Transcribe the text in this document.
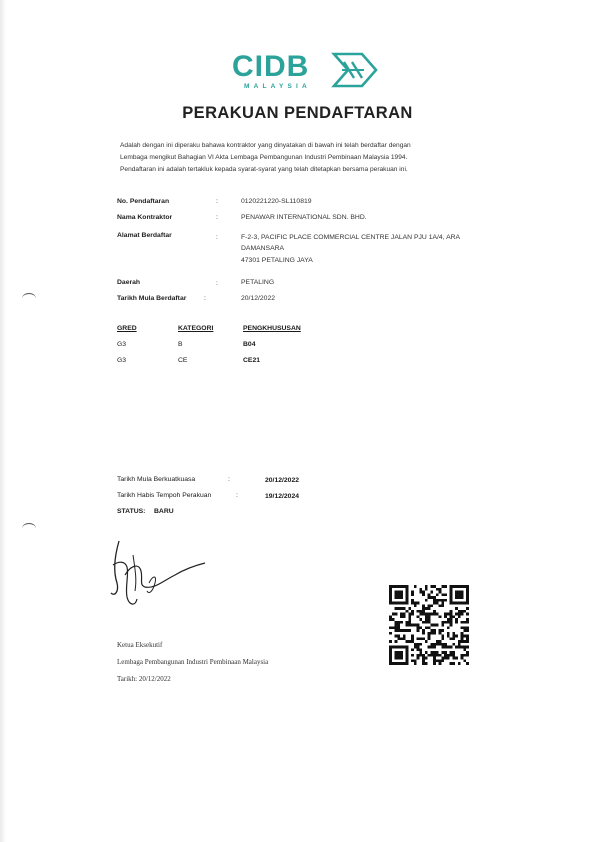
CIDB
MALAYSIA
PERAKUAN PENDAFTARAN
Adalah dengan ini diperaku bahawa kontraktor yang dinyatakan di bawah ini telah berdaftar dengan
Lembaga mengikut Bahagian VI Akta Lembaga Pembangunan Industri Pembinaan Malaysia 1994.
Pendaftaran ini adalah tertakluk kepada syarat-syarat yang telah ditetapkan bersama perakuan ini.
No. Pendaftaran	:	0120221220-SL110819
Nama Kontraktor	:	PENAWAR INTERNATIONAL SDN. BHD.
Alamat Berdaftar	:	F-2-3, PACIFIC PLACE COMMERCIAL CENTRE JALAN PJU 1A/4, ARA
DAMANSARA
47301 PETALING JAYA
Daerah	:	PETALING
Tarikh Mula Berdaftar	:	20/12/2022
GRED	KATEGORI	PENGKHUSUSAN
G3	B	B04
G3	CE	CE21
Tarikh Mula Berkuatkuasa	:	20/12/2022
Tarikh Habis Tempoh Perakuan	:	19/12/2024
STATUS: BARU
Ketua Eksekutif
Lembaga Pembangunan Industri Pembinaan Malaysia
Tarikh: 20/12/2022
